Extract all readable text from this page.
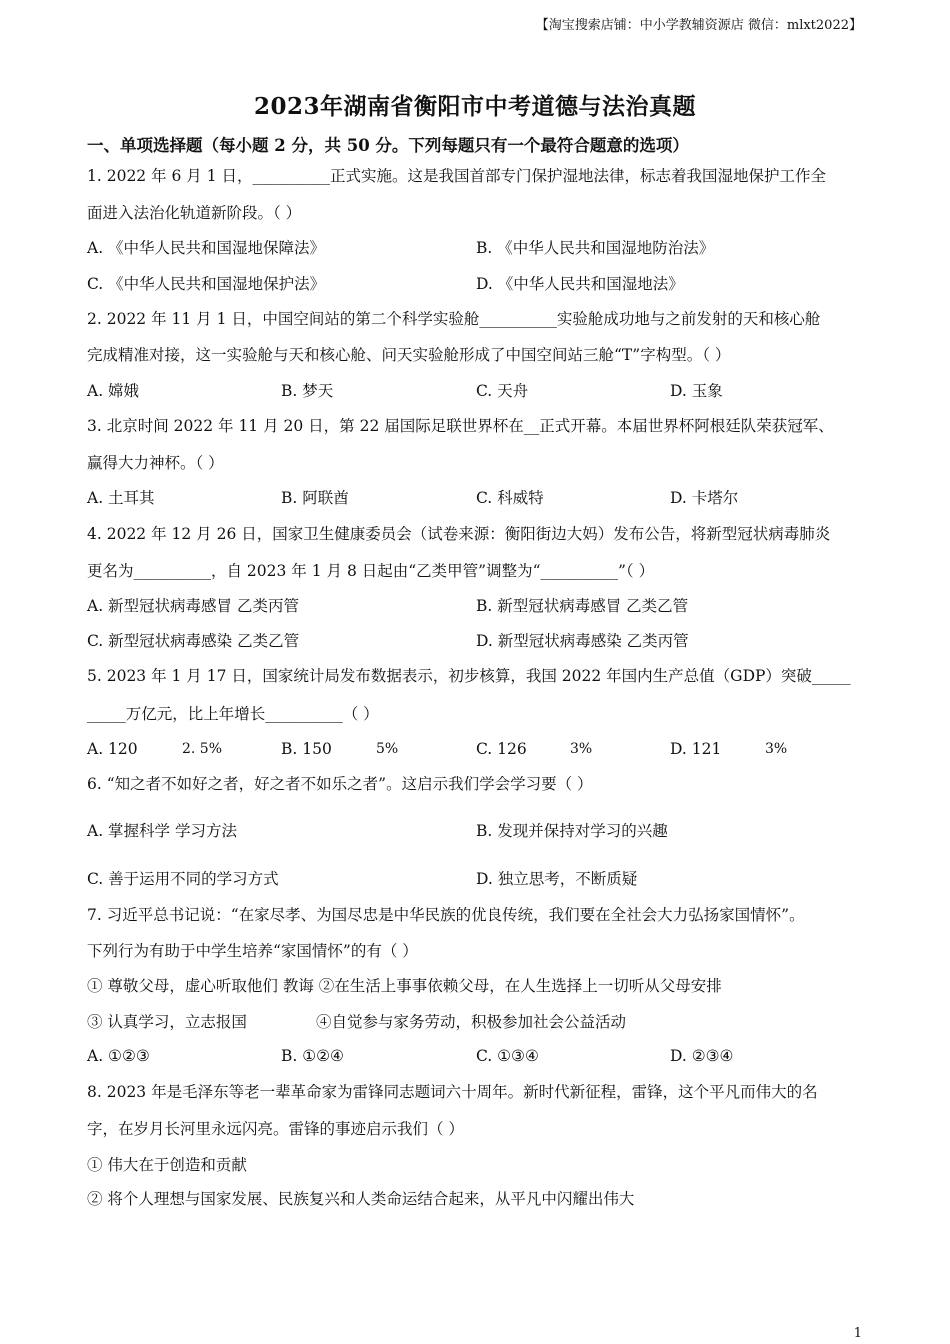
【淘宝搜索店铺：中小学教辅资源店 微信：mlxt2022】
2023年湖南省衡阳市中考道德与法治真题
一、单项选择题（每小题 2 分，共 50 分。下列每题只有一个最符合题意的选项）
1. 2022 年 6 月 1 日，__________正式实施。这是我国首部专门保护湿地法律，标志着我国湿地保护工作全
面进入法治化轨道新阶段。（ ）
A. 《中华人民共和国湿地保障法》	B. 《中华人民共和国湿地防治法》
C. 《中华人民共和国湿地保护法》	D. 《中华人民共和国湿地法》
2. 2022 年 11 月 1 日，中国空间站的第二个科学实验舱__________实验舱成功地与之前发射的天和核心舱
完成精准对接，这一实验舱与天和核心舱、问天实验舱形成了中国空间站三舱“T”字构型。（ ）
A. 嫦娥	B. 梦天	C. 天舟	D. 玉象
3. 北京时间 2022 年 11 月 20 日，第 22 届国际足联世界杯在__正式开幕。本届世界杯阿根廷队荣获冠军、
赢得大力神杯。（ ）
A. 土耳其	B. 阿联酋	C. 科威特	D. 卡塔尔
4. 2022 年 12 月 26 日，国家卫生健康委员会（试卷来源：衡阳街边大妈）发布公告，将新型冠状病毒肺炎
更名为__________，自 2023 年 1 月 8 日起由“乙类甲管”调整为“__________”（ ）
A. 新型冠状病毒感冒 乙类丙管	B. 新型冠状病毒感冒 乙类乙管
C. 新型冠状病毒感染 乙类乙管	D. 新型冠状病毒感染 乙类丙管
5. 2023 年 1 月 17 日，国家统计局发布数据表示，初步核算，我国 2022 年国内生产总值（GDP）突破_____
_____万亿元，比上年增长__________（ ）
A. 120	2. 5%	B. 150	5%	C. 126	3%	D. 121	3%
6. “知之者不如好之者，好之者不如乐之者”。这启示我们学会学习要（ ）
A. 掌握科学 学习方法	B. 发现并保持对学习的兴趣
C. 善于运用不同的学习方式	D. 独立思考，不断质疑
7. 习近平总书记说：“在家尽孝、为国尽忠是中华民族的优良传统，我们要在全社会大力弘扬家国情怀”。
下列行为有助于中学生培养“家国情怀”的有（ ）
① 尊敬父母，虚心听取他们 教诲 ②在生活上事事依赖父母，在人生选择上一切听从父母安排
③ 认真学习，立志报国	④自觉参与家务劳动，积极参加社会公益活动
A. ①②③	B. ①②④	C. ①③④	D. ②③④
8. 2023 年是毛泽东等老一辈革命家为雷锋同志题词六十周年。新时代新征程，雷锋，这个平凡而伟大的名
字，在岁月长河里永远闪亮。雷锋的事迹启示我们（ ）
① 伟大在于创造和贡献
② 将个人理想与国家发展、民族复兴和人类命运结合起来，从平凡中闪耀出伟大
1
